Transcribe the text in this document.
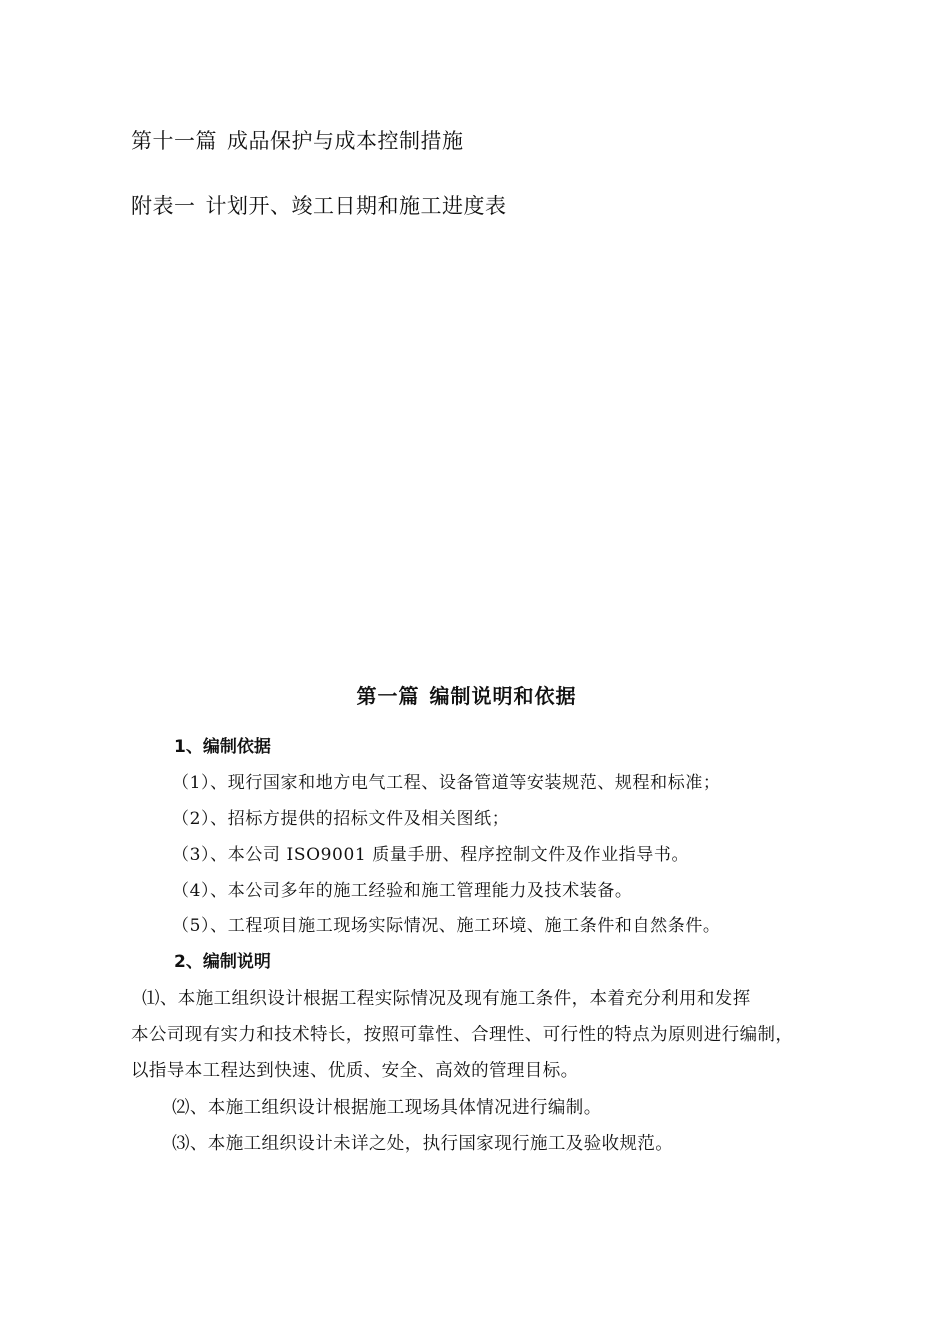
第十一篇 成品保护与成本控制措施
附表一 计划开、竣工日期和施工进度表
第一篇 编制说明和依据
1、编制依据
（1）、现行国家和地方电气工程、设备管道等安装规范、规程和标准；
（2）、招标方提供的招标文件及相关图纸；
（3）、本公司 ISO9001 质量手册、程序控制文件及作业指导书。
（4）、本公司多年的施工经验和施工管理能力及技术装备。
（5）、工程项目施工现场实际情况、施工环境、施工条件和自然条件。
2、编制说明
⑴、本施工组织设计根据工程实际情况及现有施工条件，本着充分利用和发挥
本公司现有实力和技术特长，按照可靠性、合理性、可行性的特点为原则进行编制，
以指导本工程达到快速、优质、安全、高效的管理目标。
⑵、本施工组织设计根据施工现场具体情况进行编制。
⑶、本施工组织设计未详之处，执行国家现行施工及验收规范。
